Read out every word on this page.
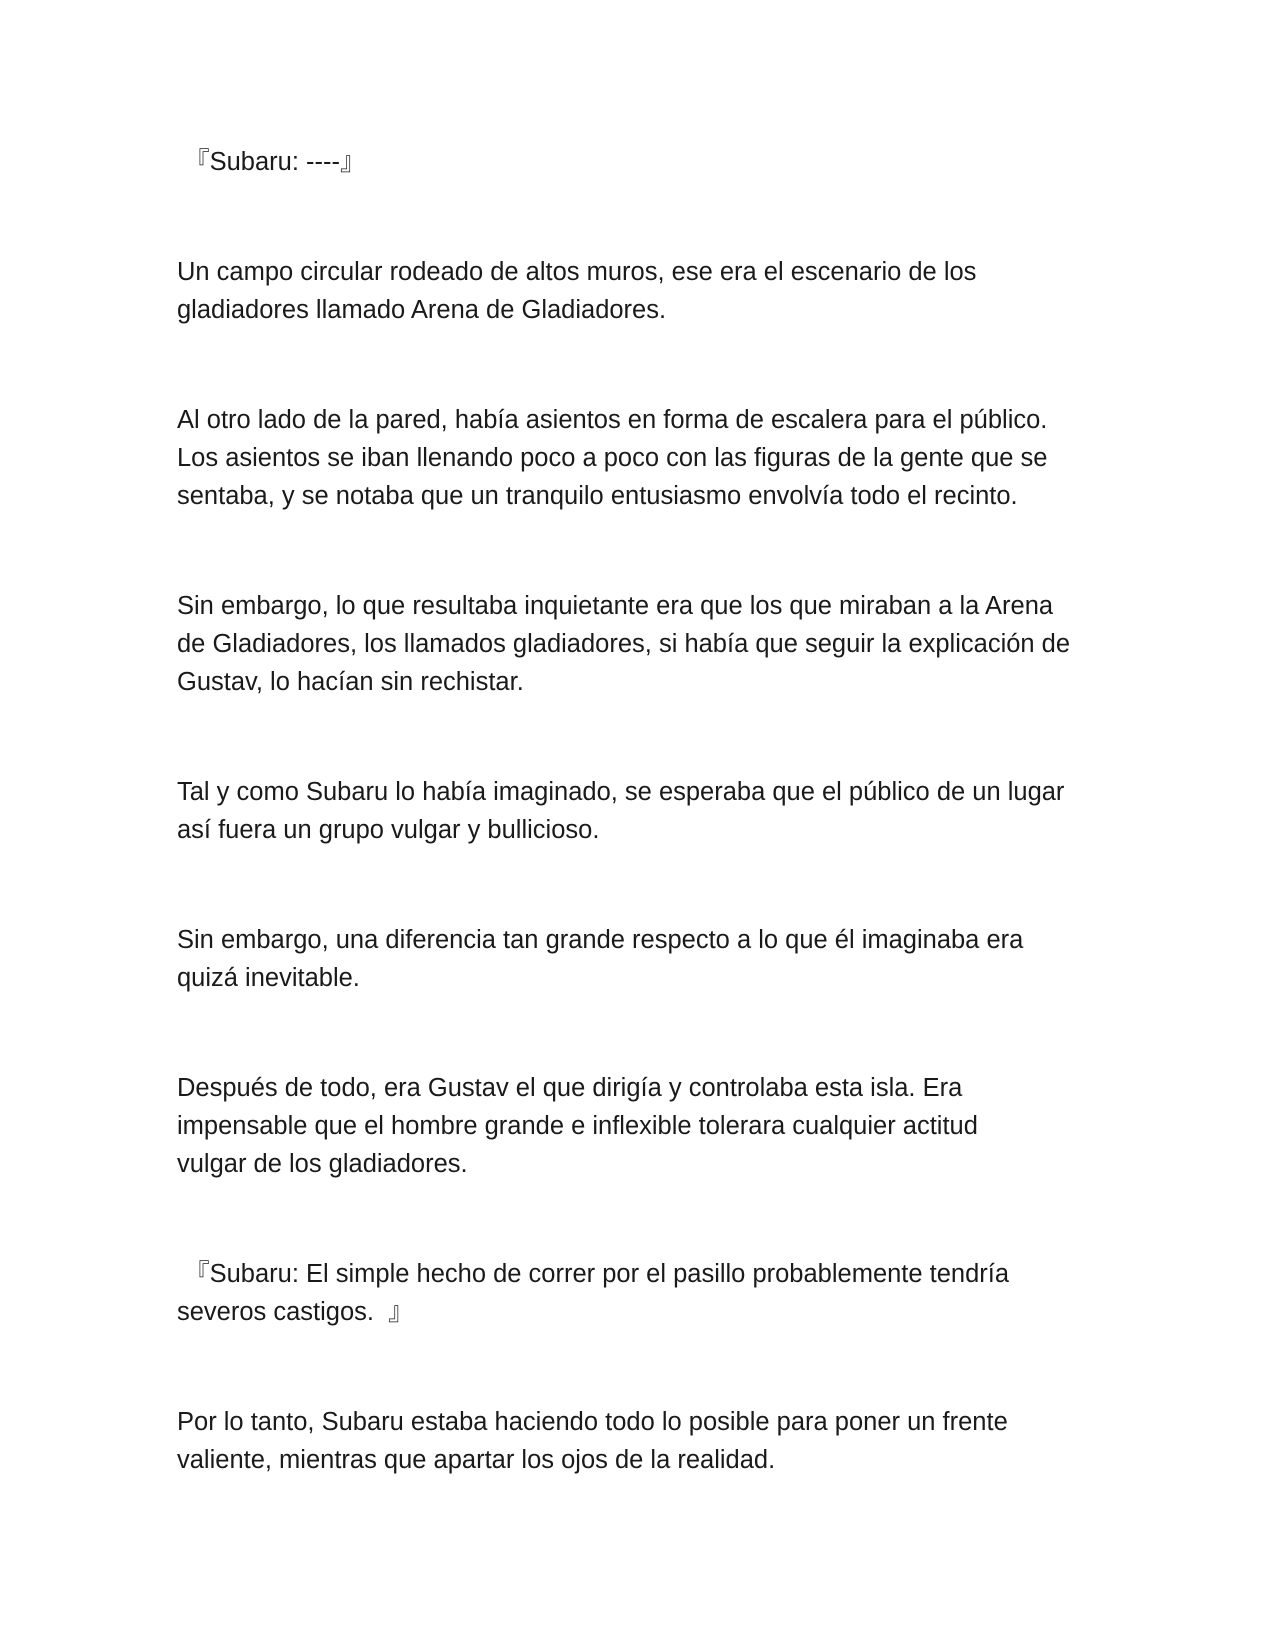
『Subaru: ----』

Un campo circular rodeado de altos muros, ese era el escenario de los
gladiadores llamado Arena de Gladiadores.

Al otro lado de la pared, había asientos en forma de escalera para el público.
Los asientos se iban llenando poco a poco con las figuras de la gente que se
sentaba, y se notaba que un tranquilo entusiasmo envolvía todo el recinto.

Sin embargo, lo que resultaba inquietante era que los que miraban a la Arena
de Gladiadores, los llamados gladiadores, si había que seguir la explicación de
Gustav, lo hacían sin rechistar.

Tal y como Subaru lo había imaginado, se esperaba que el público de un lugar
así fuera un grupo vulgar y bullicioso.

Sin embargo, una diferencia tan grande respecto a lo que él imaginaba era
quizá inevitable.

Después de todo, era Gustav el que dirigía y controlaba esta isla. Era
impensable que el hombre grande e inflexible tolerara cualquier actitud
vulgar de los gladiadores.

『Subaru: El simple hecho de correr por el pasillo probablemente tendría
severos castigos.  』

Por lo tanto, Subaru estaba haciendo todo lo posible para poner un frente
valiente, mientras que apartar los ojos de la realidad.
